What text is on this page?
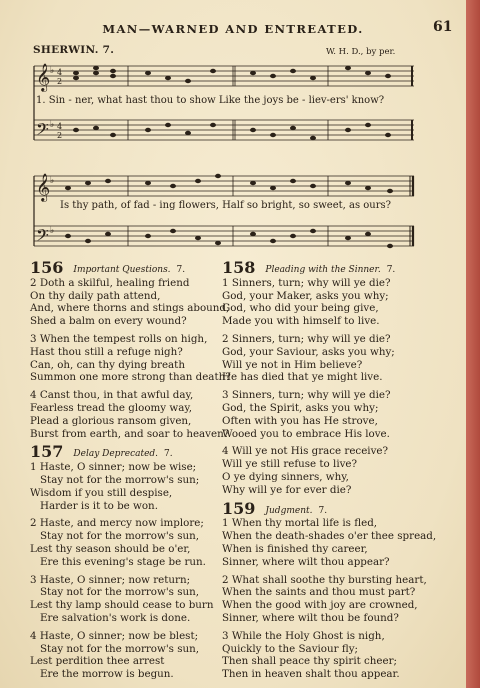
MAN—WARNED AND ENTREATED.	61
SHERWIN. 7.	W. H. D., by per.
𝄞
𝄢
♭
♭
4
2
4
2
1. Sin - ner, what hast thou to show Like the joys be - liev-ers' know?
𝄞
𝄢
♭
♭
Is thy path, of fad - ing flowers, Half so bright, so sweet, as ours?
156 Important Questions. 7.
2 Doth a skilful, healing friend
On thy daily path attend,
And, where thorns and stings abound,
Shed a balm on every wound?
3 When the tempest rolls on high,
Hast thou still a refuge nigh?
Can, oh, can thy dying breath
Summon one more strong than death?
4 Canst thou, in that awful day,
Fearless tread the gloomy way,
Plead a glorious ransom given,
Burst from earth, and soar to heaven?
157 Delay Deprecated. 7.
1 Haste, O sinner; now be wise;
Stay not for the morrow's sun;
Wisdom if you still despise,
Harder is it to be won.
2 Haste, and mercy now implore;
Stay not for the morrow's sun,
Lest thy season should be o'er,
Ere this evening's stage be run.
3 Haste, O sinner; now return;
Stay not for the morrow's sun,
Lest thy lamp should cease to burn
Ere salvation's work is done.
4 Haste, O sinner; now be blest;
Stay not for the morrow's sun,
Lest perdition thee arrest
Ere the morrow is begun.
158 Pleading with the Sinner. 7.
1 Sinners, turn; why will ye die?
God, your Maker, asks you why;
God, who did your being give,
Made you with himself to live.
2 Sinners, turn; why will ye die?
God, your Saviour, asks you why;
Will ye not in Him believe?
He has died that ye might live.
3 Sinners, turn; why will ye die?
God, the Spirit, asks you why;
Often with you has He strove,
Wooed you to embrace His love.
4 Will ye not His grace receive?
Will ye still refuse to live?
O ye dying sinners, why,
Why will ye for ever die?
159 Judgment. 7.
1 When thy mortal life is fled,
When the death-shades o'er thee spread,
When is finished thy career,
Sinner, where wilt thou appear?
2 What shall soothe thy bursting heart,
When the saints and thou must part?
When the good with joy are crowned,
Sinner, where wilt thou be found?
3 While the Holy Ghost is nigh,
Quickly to the Saviour fly;
Then shall peace thy spirit cheer;
Then in heaven shalt thou appear.
